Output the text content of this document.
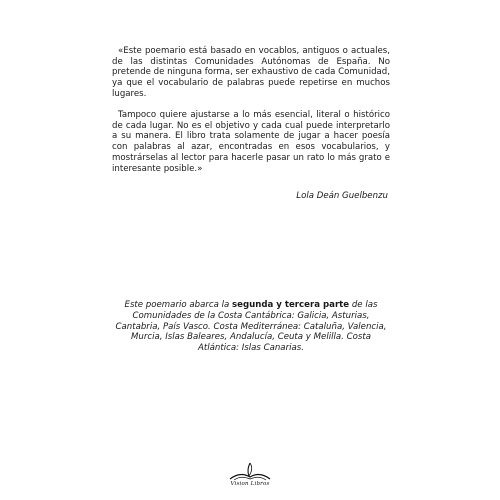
«Este poemario está basado en vocablos, antiguos o actuales, de las distintas Comunidades Autónomas de España. No pretende de ninguna forma, ser exhaustivo de cada Comunidad, ya que el vocabulario de palabras puede repetirse en muchos lugares.

Tampoco quiere ajustarse a lo más esencial, literal o histórico de cada lugar. No es el objetivo y cada cual puede interpretarlo a su manera. El libro trata solamente de jugar a hacer poesía con palabras al azar, encontradas en esos vocabularios, y mostrárselas al lector para hacerle pasar un rato lo más grato e interesante posible.»

Lola Deán Guelbenzu
Este poemario abarca la segunda y tercera parte de las Comunidades de la Costa Cantábrica: Galicia, Asturias, Cantabria, País Vasco. Costa Mediterránea: Cataluña, Valencia, Murcia, Islas Baleares, Andalucía, Ceuta y Melilla. Costa Atlántica: Islas Canarias.
Vision Libros
